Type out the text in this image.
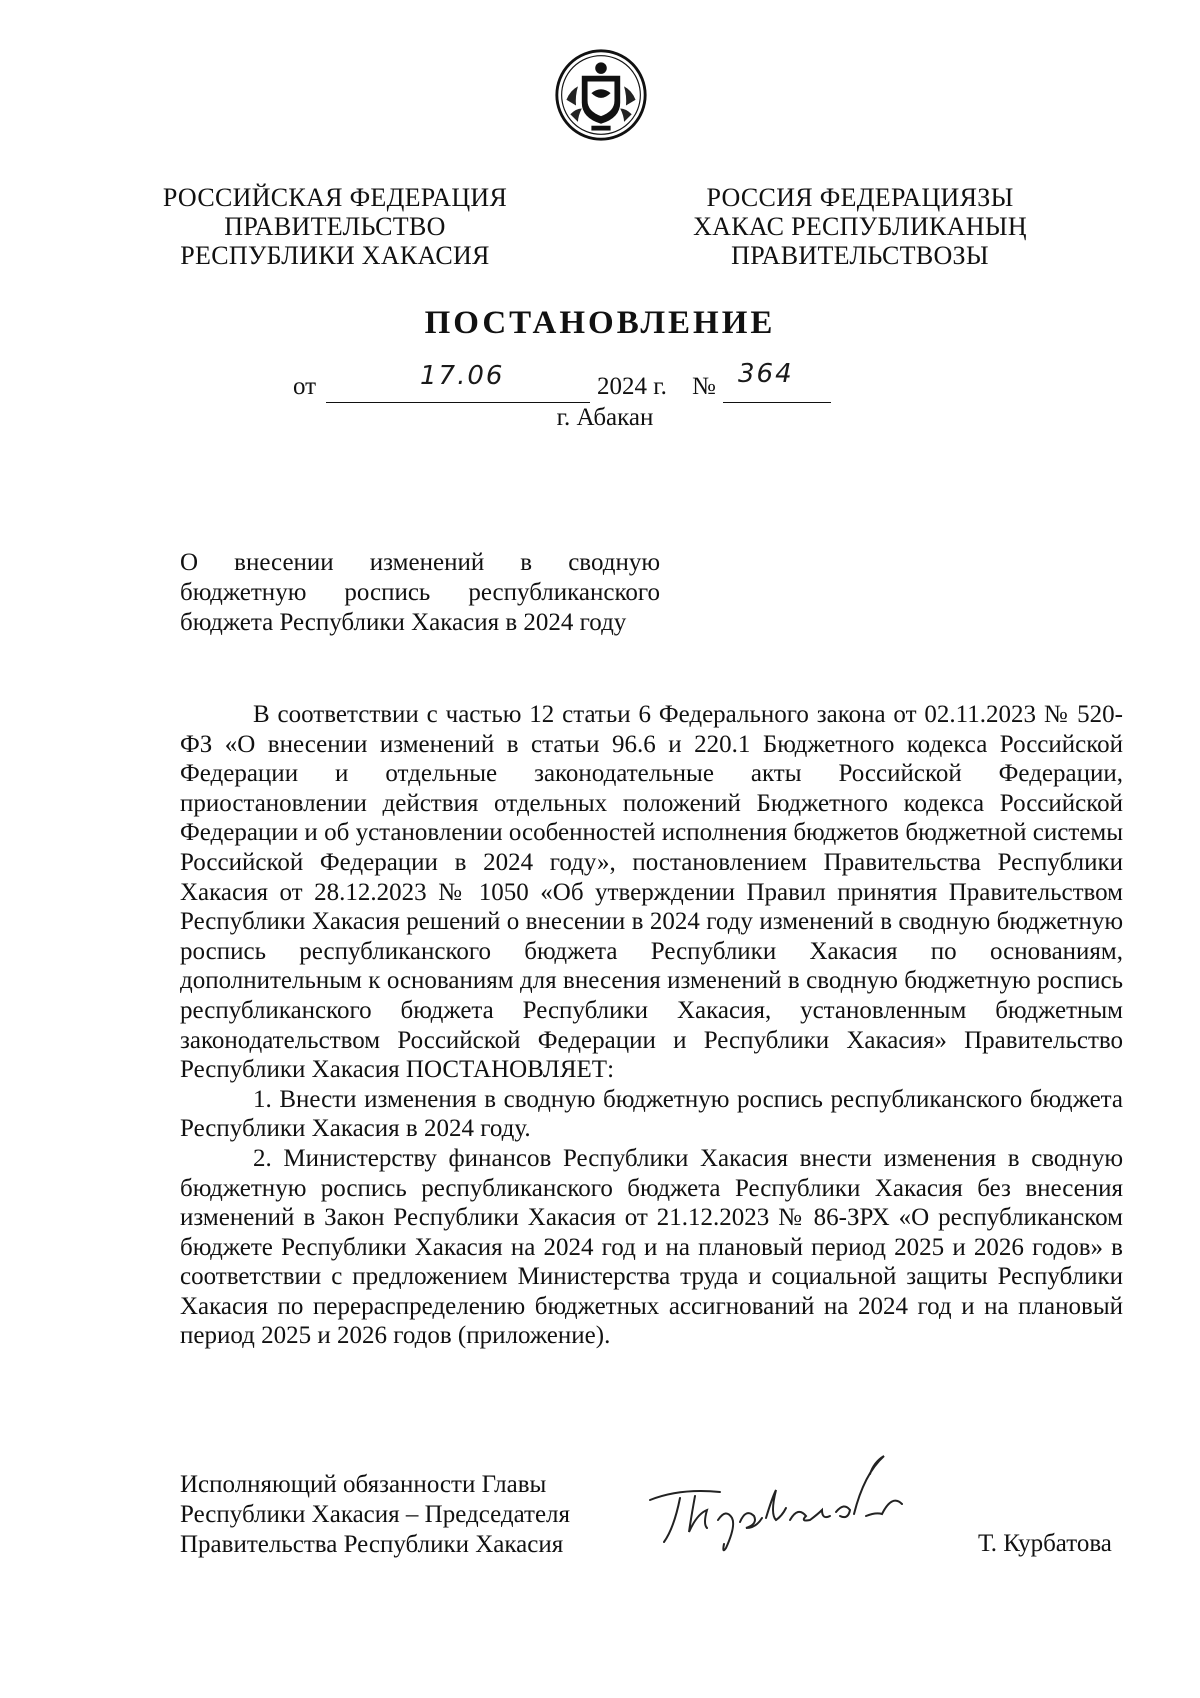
РОССИЙСКАЯ ФЕДЕРАЦИЯ
ПРАВИТЕЛЬСТВО
РЕСПУБЛИКИ ХАКАСИЯ
РОССИЯ ФЕДЕРАЦИЯЗЫ
ХАКАС РЕСПУБЛИКАНЫҢ
ПРАВИТЕЛЬСТВОЗЫ
ПОСТАНОВЛЕНИЕ
от	17.06	2024 г. № 364
г. Абакан
О внесении изменений в сводную
бюджетную роспись республиканского
бюджета Республики Хакасия в 2024 году

В соответствии с частью 12 статьи 6 Федерального закона от 02.11.2023 № 520-ФЗ «О внесении изменений в статьи 96.6 и 220.1 Бюджетного кодекса Российской Федерации и отдельные законодательные акты Российской Федерации, приостановлении действия отдельных положений Бюджетного кодекса Российской Федерации и об установлении особенностей исполнения бюджетов бюджетной системы Российской Федерации в 2024 году», постановлением Правительства Республики Хакасия от 28.12.2023 № 1050 «Об утверждении Правил принятия Правительством Республики Хакасия решений о внесении в 2024 году изменений в сводную бюджетную роспись республиканского бюджета Республики Хакасия по основаниям, дополнительным к основаниям для внесения изменений в сводную бюджетную роспись республиканского бюджета Республики Хакасия, установленным бюджетным законодательством Российской Федерации и Республики Хакасия» Правительство Республики Хакасия ПОСТАНОВЛЯЕТ:

1. Внести изменения в сводную бюджетную роспись республиканского бюджета Республики Хакасия в 2024 году.

2. Министерству финансов Республики Хакасия внести изменения в сводную бюджетную роспись республиканского бюджета Республики Хакасия без внесения изменений в Закон Республики Хакасия от 21.12.2023 № 86-ЗРХ «О республиканском бюджете Республики Хакасия на 2024 год и на плановый период 2025 и 2026 годов» в соответствии с предложением Министерства труда и социальной защиты Республики Хакасия по перераспределению бюджетных ассигнований на 2024 год и на плановый период 2025 и 2026 годов (приложение).

Исполняющий обязанности Главы
Республики Хакасия – Председателя
Правительства Республики Хакасия	Т. Курбатова
